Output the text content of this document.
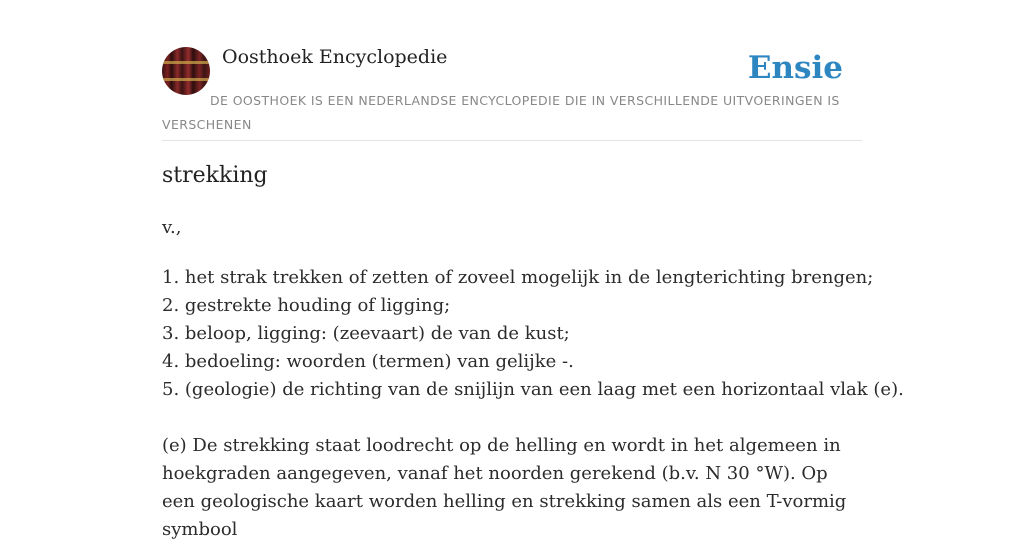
Oosthoek Encyclopedie	Ensie
DE OOSTHOEK IS EEN NEDERLANDSE ENCYCLOPEDIE DIE IN VERSCHILLENDE UITVOERINGEN IS VERSCHENEN
strekking

v.,

1. het strak trekken of zetten of zoveel mogelijk in de lengterichting brengen;
2. gestrekte houding of ligging;
3. beloop, ligging: (zeevaart) de van de kust;
4. bedoeling: woorden (termen) van gelijke -.
5. (geologie) de richting van de snijlijn van een laag met een horizontaal vlak (e).

(e) De strekking staat loodrecht op de helling en wordt in het algemeen in hoekgraden aangegeven, vanaf het noorden gerekend (b.v. N 30 °W). Op een geologische kaart worden helling en strekking samen als een T-vormig symbool
